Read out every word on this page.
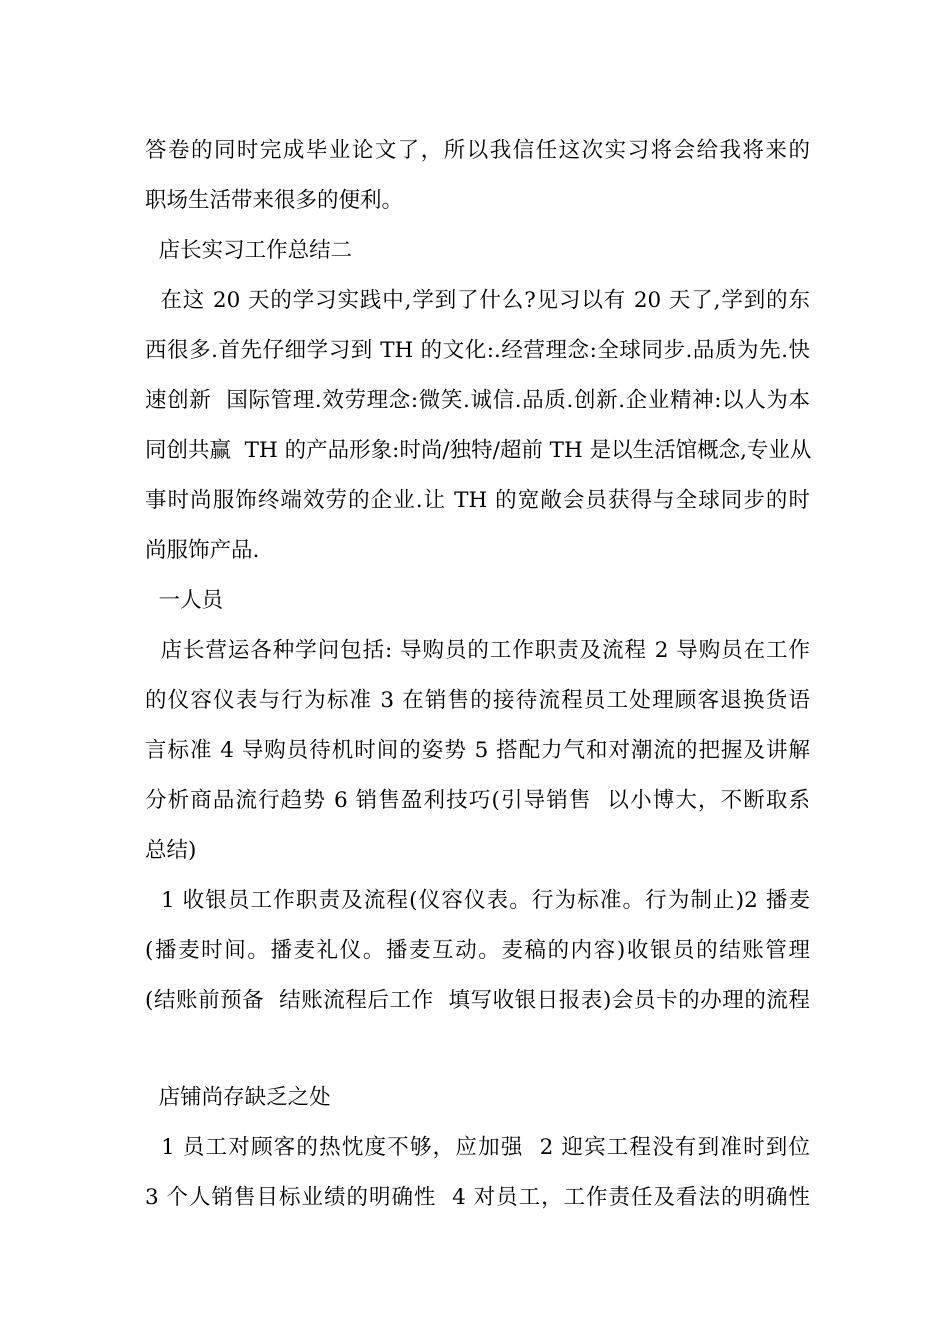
答卷的同时完成毕业论文了，所以我信任这次实习将会给我将来的
职场生活带来很多的便利。
店长实习工作总结二
在这 20 天的学习实践中,学到了什么?见习以有 20 天了,学到的东
西很多.首先仔细学习到 TH 的文化:.经营理念:全球同步.品质为先.快
速创新  国际管理.效劳理念:微笑.诚信.品质.创新.企业精神:以人为本
同创共赢  TH 的产品形象:时尚/独特/超前 TH 是以生活馆概念,专业从
事时尚服饰终端效劳的企业.让 TH 的宽敞会员获得与全球同步的时
尚服饰产品.
一人员
店长营运各种学问包括: 导购员的工作职责及流程 2 导购员在工作
的仪容仪表与行为标准 3 在销售的接待流程员工处理顾客退换货语
言标准 4 导购员待机时间的姿势 5 搭配力气和对潮流的把握及讲解
分析商品流行趋势 6 销售盈利技巧(引导销售  以小博大，不断取系
总结)
1 收银员工作职责及流程(仪容仪表。行为标准。行为制止)2 播麦
(播麦时间。播麦礼仪。播麦互动。麦稿的内容)收银员的结账管理
(结账前预备  结账流程后工作  填写收银日报表)会员卡的办理的流程
店铺尚存缺乏之处
1 员工对顾客的热忱度不够，应加强  2 迎宾工程没有到准时到位
3 个人销售目标业绩的明确性  4 对员工，工作责任及看法的明确性
